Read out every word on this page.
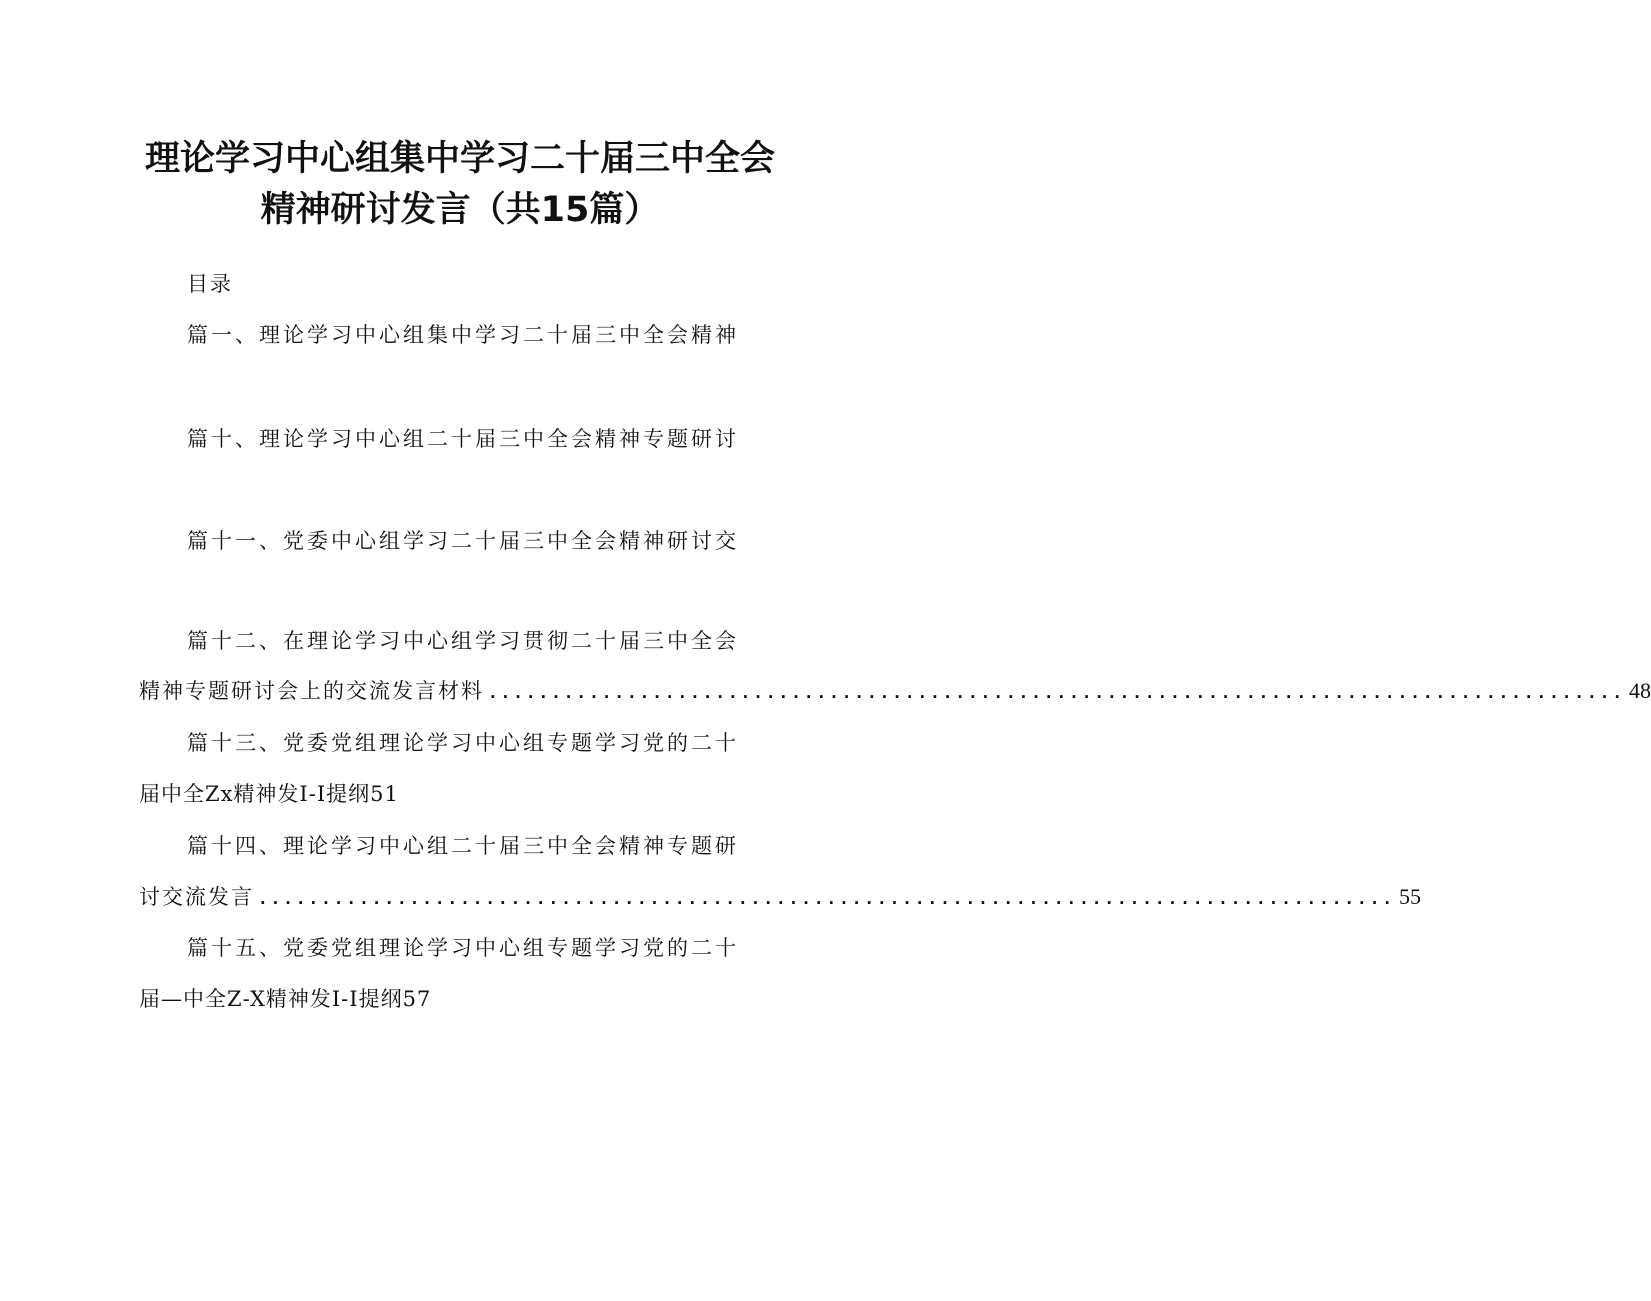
理论学习中心组集中学习二十届三中全会
精神研讨发言（共15篇）
目录
篇一、理论学习中心组集中学习二十届三中全会精神
篇十、理论学习中心组二十届三中全会精神专题研讨
篇十一、党委中心组学习二十届三中全会精神研讨交
篇十二、在理论学习中心组学习贯彻二十届三中全会
精神专题研讨会上的交流发言材料 .......................................................................................... 48
篇十三、党委党组理论学习中心组专题学习党的二十
届中全Zx精神发I-I提纲51
篇十四、理论学习中心组二十届三中全会精神专题研
讨交流发言 .......................................................................................... 55
篇十五、党委党组理论学习中心组专题学习党的二十
届—中全Z-X精神发I-I提纲57
